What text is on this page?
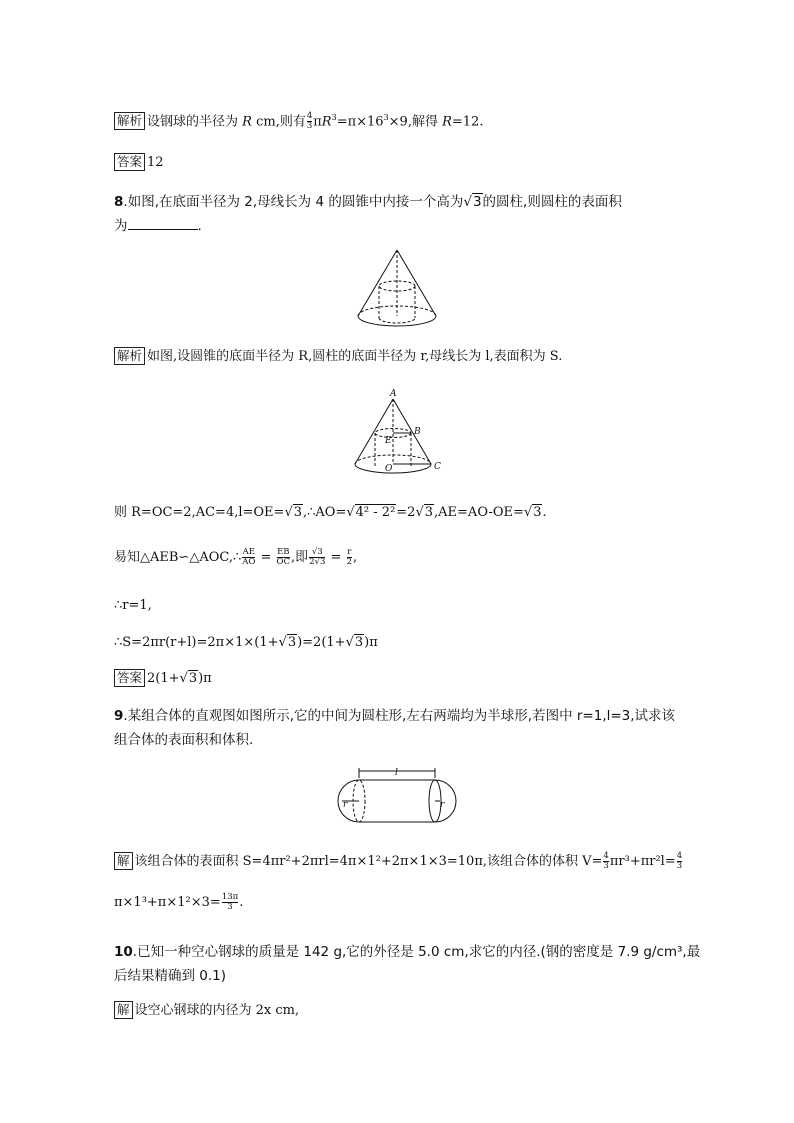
解析 设钢球的半径为 R cm,则有 $\frac{4}{3} \pi R^3=\pi\times 16^3\times 9$,解得 R=12.
答案 12
8.如图,在底面半径为 2,母线长为 4 的圆锥中内接一个高为√3的圆柱,则圆柱的表面积
为	.
解析 如图,设圆锥的底面半径为 R,圆柱的底面半径为 r,母线长为 l,表面积为 S.
A
B
E
O	C
则 R=OC=2,AC=4,l=OE=√3,∴AO=√4² - 2²=2√3,AE=AO-OE=√3.
易知△AEB∽△AOC,∴ $\frac{AE}{AO} = \frac{EB}{OC}$ ,即 $\frac{√3}{2√3} = \frac{r}{2}$ ,
∴r=1,
∴S=2πr(r+l)=2π×1×(1+√3)=2(1+√3)π
答案 2(1+√3)π
9.某组合体的直观图如图所示,它的中间为圆柱形,左右两端均为半球形,若图中 r=1,l=3,试求该
组合体的表面积和体积.
l
r	r
解 该组合体的表面积 S=4πr²+2πrl=4π×1²+2π×1×3=10π,该组合体的体积 $V= \frac{4}{3} \pi r^3+\pi r^2l= \frac{4}{3}$
$\pi\times 1^3+\pi\times 1^2\times 3= \frac{13\pi}{3}$ .
10.已知一种空心钢球的质量是 142 g,它的外径是 5.0 cm,求它的内径.(钢的密度是 7.9 g/cm³,最
后结果精确到 0.1)
解 设空心钢球的内径为 2x cm,
